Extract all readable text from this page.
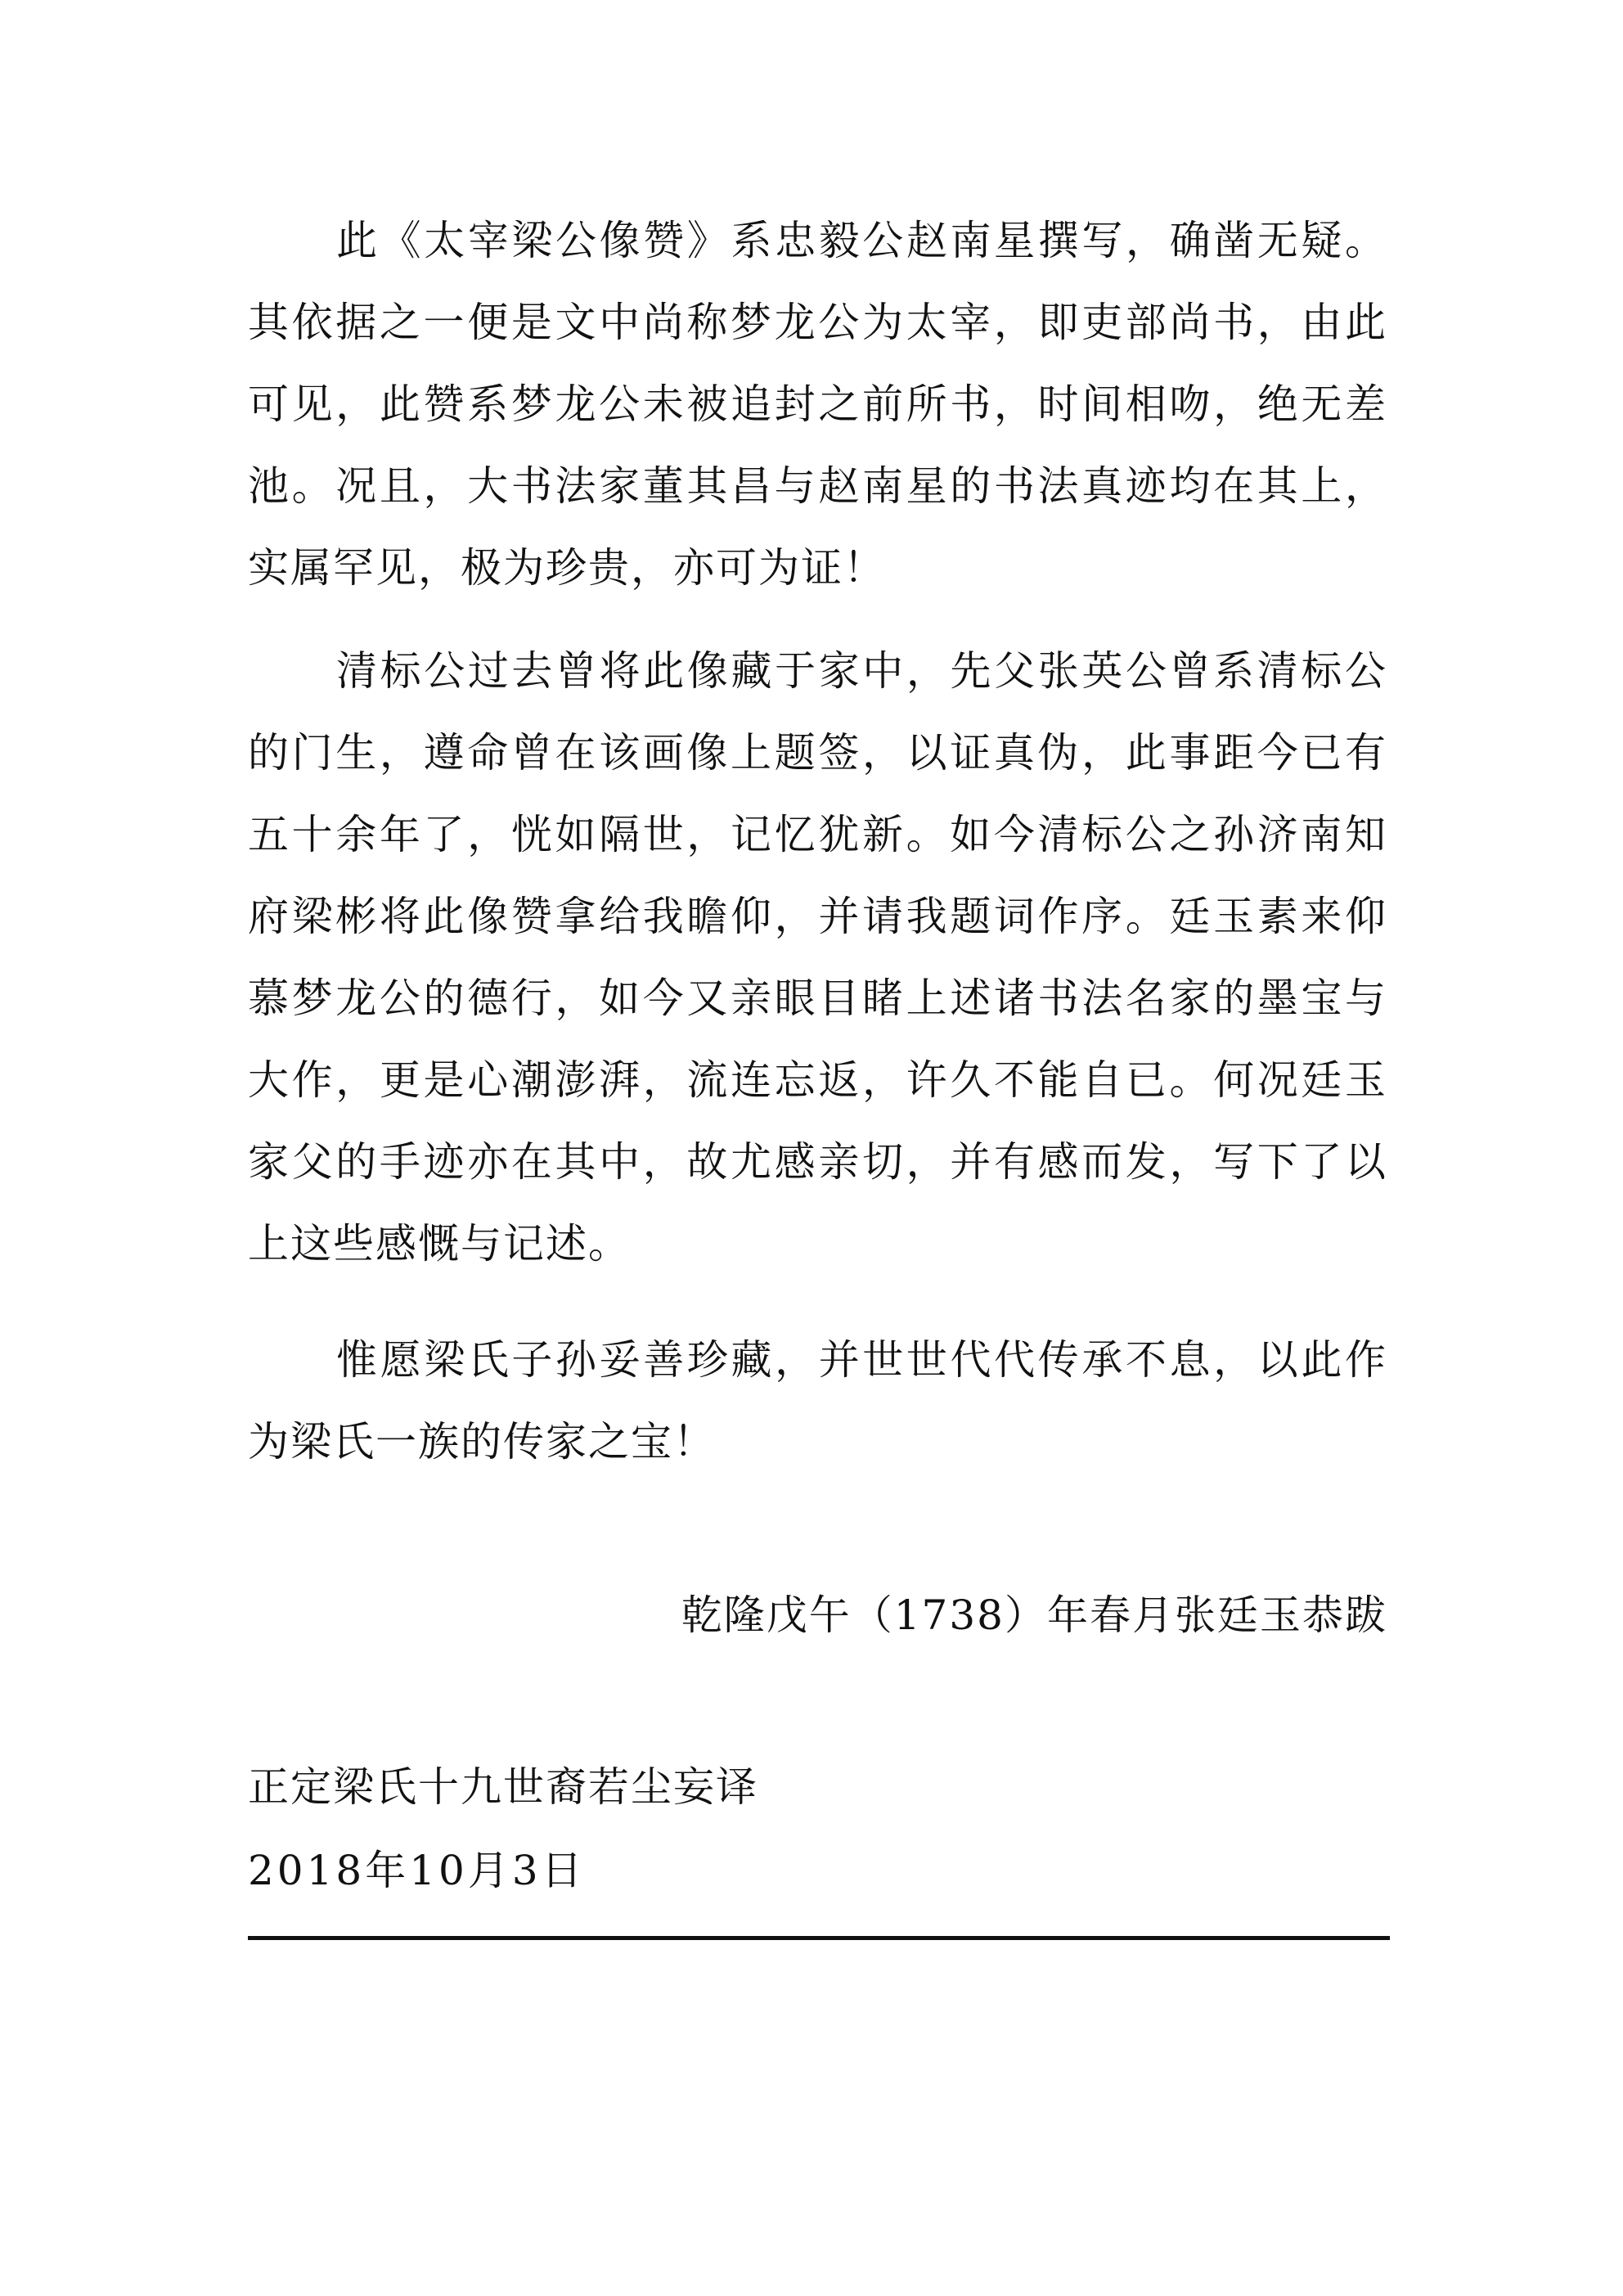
此《太宰梁公像赞》系忠毅公赵南星撰写，确凿无疑。其依据之一便是文中尚称梦龙公为太宰，即吏部尚书，由此可见，此赞系梦龙公未被追封之前所书，时间相吻，绝无差池。况且，大书法家董其昌与赵南星的书法真迹均在其上，实属罕见，极为珍贵，亦可为证！

清标公过去曾将此像藏于家中，先父张英公曾系清标公的门生，遵命曾在该画像上题签，以证真伪，此事距今已有五十余年了，恍如隔世，记忆犹新。如今清标公之孙济南知府梁彬将此像赞拿给我瞻仰，并请我题词作序。廷玉素来仰慕梦龙公的德行，如今又亲眼目睹上述诸书法名家的墨宝与大作，更是心潮澎湃，流连忘返，许久不能自已。何况廷玉家父的手迹亦在其中，故尤感亲切，并有感而发，写下了以上这些感慨与记述。

惟愿梁氏子孙妥善珍藏，并世世代代传承不息，以此作为梁氏一族的传家之宝！

乾隆戊午（1738）年春月张廷玉恭跋
正定梁氏十九世裔若尘妄译
2018年10月3日
